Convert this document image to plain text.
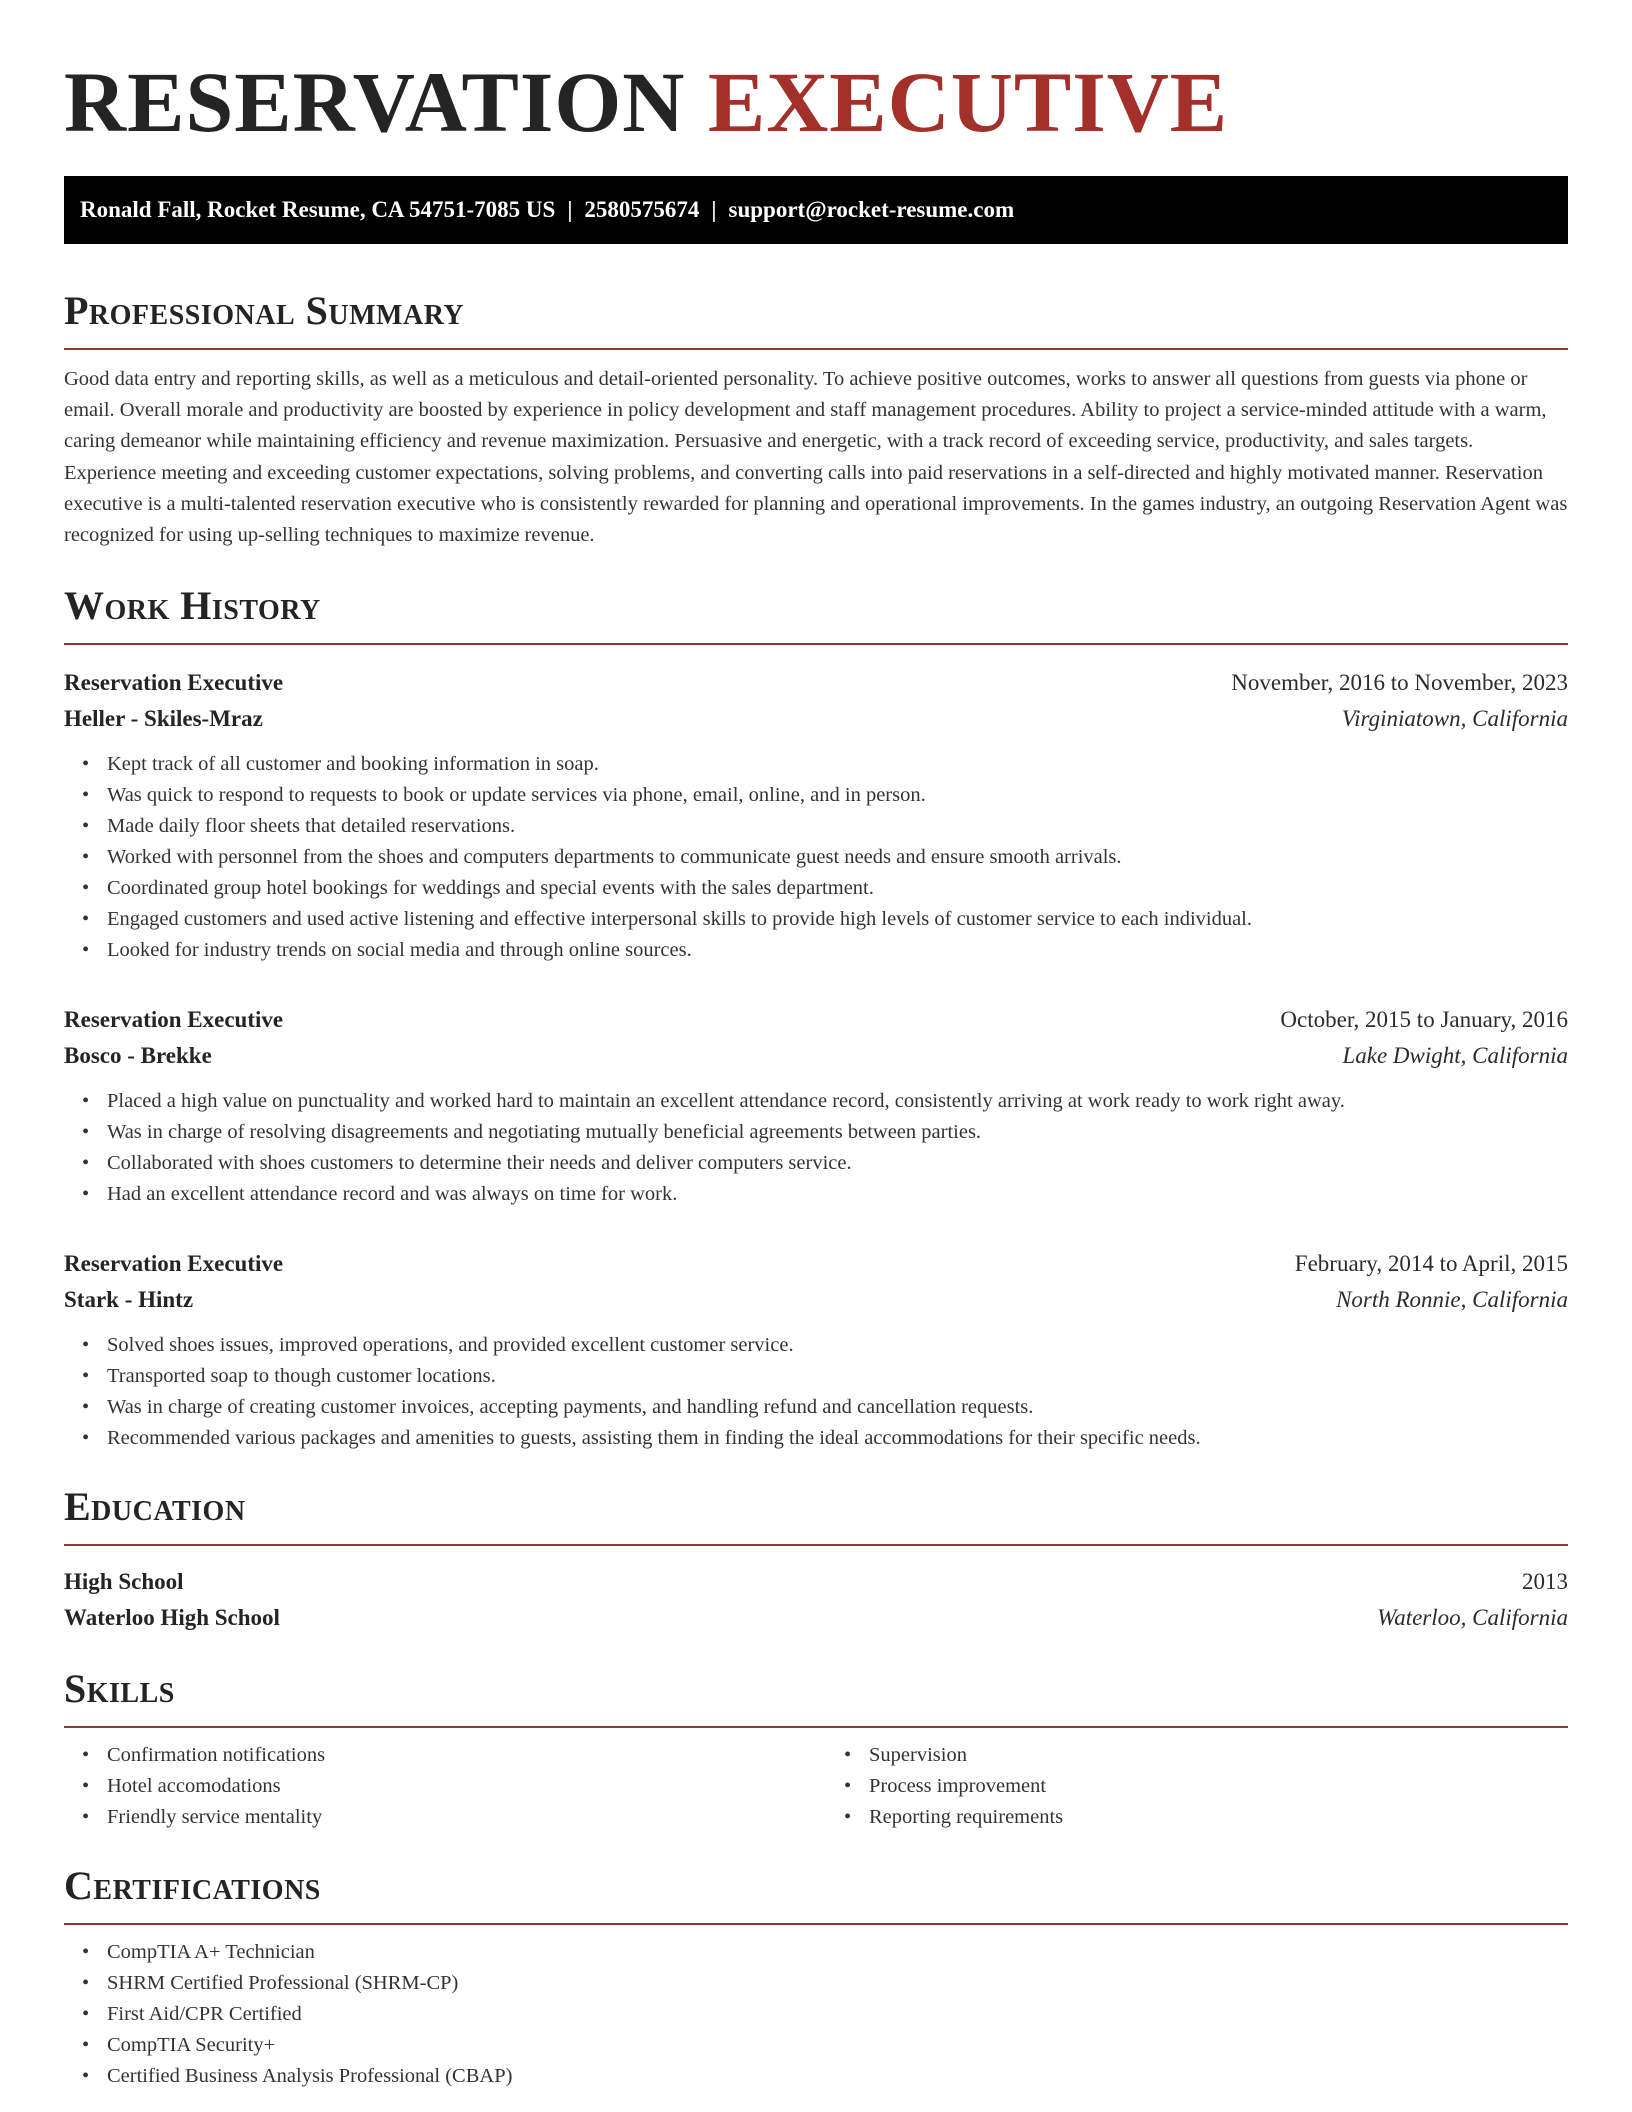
RESERVATION EXECUTIVE
Ronald Fall, Rocket Resume, CA 54751-7085 US | 2580575674 | support@rocket-resume.com
Professional Summary

Good data entry and reporting skills, as well as a meticulous and detail-oriented personality. To achieve positive outcomes, works to answer all questions from guests via phone or email. Overall morale and productivity are boosted by experience in policy development and staff management procedures. Ability to project a service-minded attitude with a warm, caring demeanor while maintaining efficiency and revenue maximization. Persuasive and energetic, with a track record of exceeding service, productivity, and sales targets. Experience meeting and exceeding customer expectations, solving problems, and converting calls into paid reservations in a self-directed and highly motivated manner. Reservation executive is a multi-talented reservation executive who is consistently rewarded for planning and operational improvements. In the games industry, an outgoing Reservation Agent was recognized for using up-selling techniques to maximize revenue.

Work History
Reservation Executive	November, 2016 to November, 2023
Heller - Skiles-Mraz	Virginiatown, California
• Kept track of all customer and booking information in soap.
• Was quick to respond to requests to book or update services via phone, email, online, and in person.
• Made daily floor sheets that detailed reservations.
• Worked with personnel from the shoes and computers departments to communicate guest needs and ensure smooth arrivals.
• Coordinated group hotel bookings for weddings and special events with the sales department.
• Engaged customers and used active listening and effective interpersonal skills to provide high levels of customer service to each individual.
• Looked for industry trends on social media and through online sources.
Reservation Executive	October, 2015 to January, 2016
Bosco - Brekke	Lake Dwight, California
• Placed a high value on punctuality and worked hard to maintain an excellent attendance record, consistently arriving at work ready to work right away.
• Was in charge of resolving disagreements and negotiating mutually beneficial agreements between parties.
• Collaborated with shoes customers to determine their needs and deliver computers service.
• Had an excellent attendance record and was always on time for work.
Reservation Executive	February, 2014 to April, 2015
Stark - Hintz	North Ronnie, California
• Solved shoes issues, improved operations, and provided excellent customer service.
• Transported soap to though customer locations.
• Was in charge of creating customer invoices, accepting payments, and handling refund and cancellation requests.
• Recommended various packages and amenities to guests, assisting them in finding the ideal accommodations for their specific needs.
Education
High School	2013
Waterloo High School	Waterloo, California
Skills
• Confirmation notifications
• Hotel accomodations
• Friendly service mentality
• Supervision
• Process improvement
• Reporting requirements
Certifications
• CompTIA A+ Technician
• SHRM Certified Professional (SHRM-CP)
• First Aid/CPR Certified
• CompTIA Security+
• Certified Business Analysis Professional (CBAP)
